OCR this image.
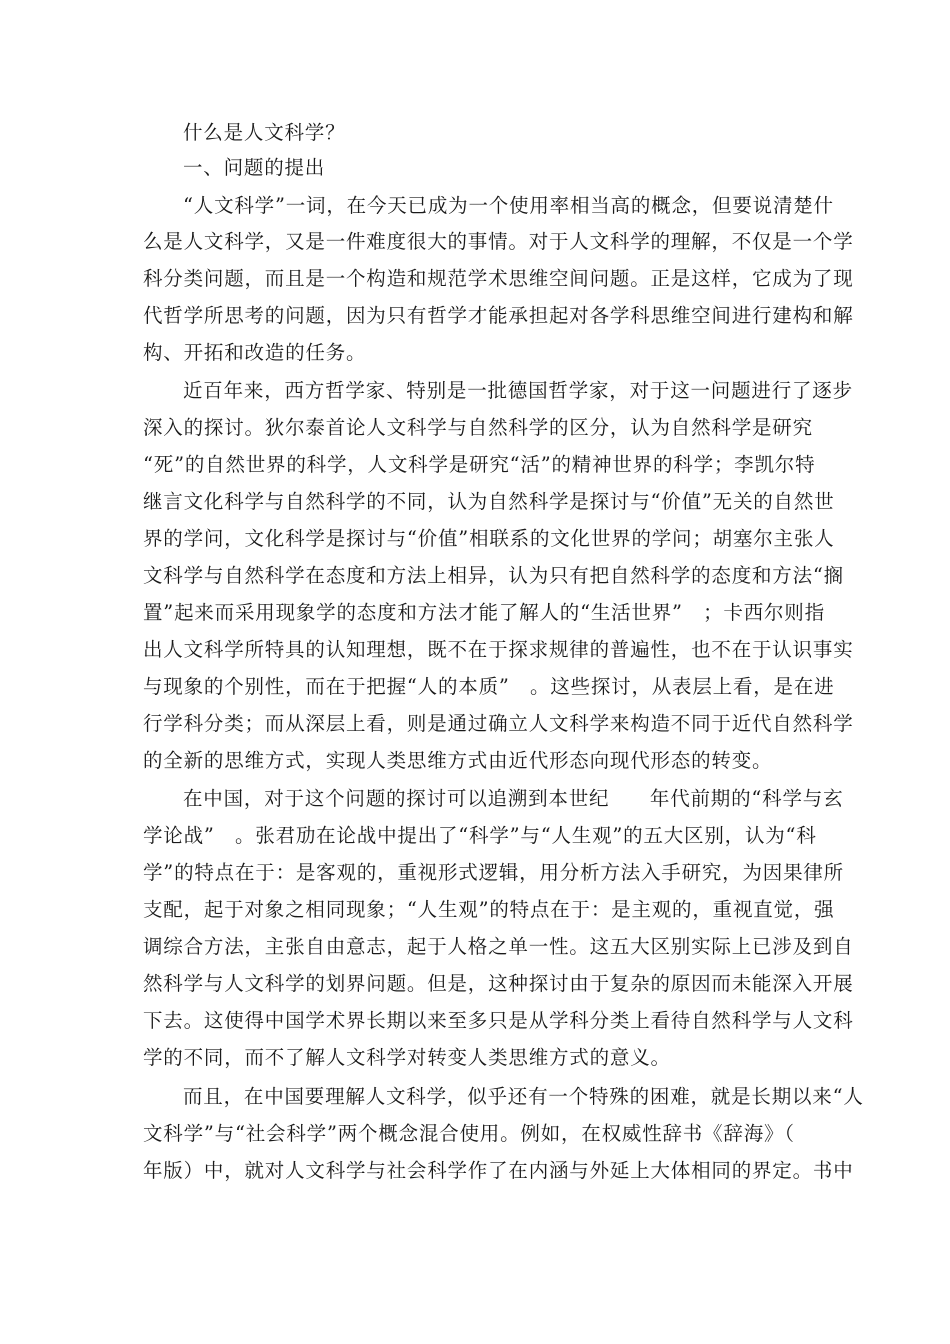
什么是人文科学？

一、问题的提出

“人文科学”一词，在今天已成为一个使用率相当高的概念，但要说清楚什

么是人文科学，又是一件难度很大的事情。对于人文科学的理解，不仅是一个学

科分类问题，而且是一个构造和规范学术思维空间问题。正是这样，它成为了现

代哲学所思考的问题，因为只有哲学才能承担起对各学科思维空间进行建构和解

构、开拓和改造的任务。

近百年来，西方哲学家、特别是一批德国哲学家，对于这一问题进行了逐步

深入的探讨。狄尔泰首论人文科学与自然科学的区分，认为自然科学是研究

“死”的自然世界的科学，人文科学是研究“活”的精神世界的科学；李凯尔特

继言文化科学与自然科学的不同，认为自然科学是探讨与“价值”无关的自然世

界的学问，文化科学是探讨与“价值”相联系的文化世界的学问；胡塞尔主张人

文科学与自然科学在态度和方法上相异，认为只有把自然科学的态度和方法“搁

置”起来而采用现象学的态度和方法才能了解人的“生活世界”　；卡西尔则指

出人文科学所特具的认知理想，既不在于探求规律的普遍性，也不在于认识事实

与现象的个别性，而在于把握“人的本质”　。这些探讨，从表层上看，是在进

行学科分类；而从深层上看，则是通过确立人文科学来构造不同于近代自然科学

的全新的思维方式，实现人类思维方式由近代形态向现代形态的转变。

在中国，对于这个问题的探讨可以追溯到本世纪　　年代前期的“科学与玄

学论战”　。张君劢在论战中提出了“科学”与“人生观”的五大区别，认为“科

学”的特点在于：是客观的，重视形式逻辑，用分析方法入手研究，为因果律所

支配，起于对象之相同现象；“人生观”的特点在于：是主观的，重视直觉，强

调综合方法，主张自由意志，起于人格之单一性。这五大区别实际上已涉及到自

然科学与人文科学的划界问题。但是，这种探讨由于复杂的原因而未能深入开展

下去。这使得中国学术界长期以来至多只是从学科分类上看待自然科学与人文科

学的不同，而不了解人文科学对转变人类思维方式的意义。

而且，在中国要理解人文科学，似乎还有一个特殊的困难，就是长期以来“人

文科学”与“社会科学”两个概念混合使用。例如，在权威性辞书《辞海》（

年版）中，就对人文科学与社会科学作了在内涵与外延上大体相同的界定。书中
